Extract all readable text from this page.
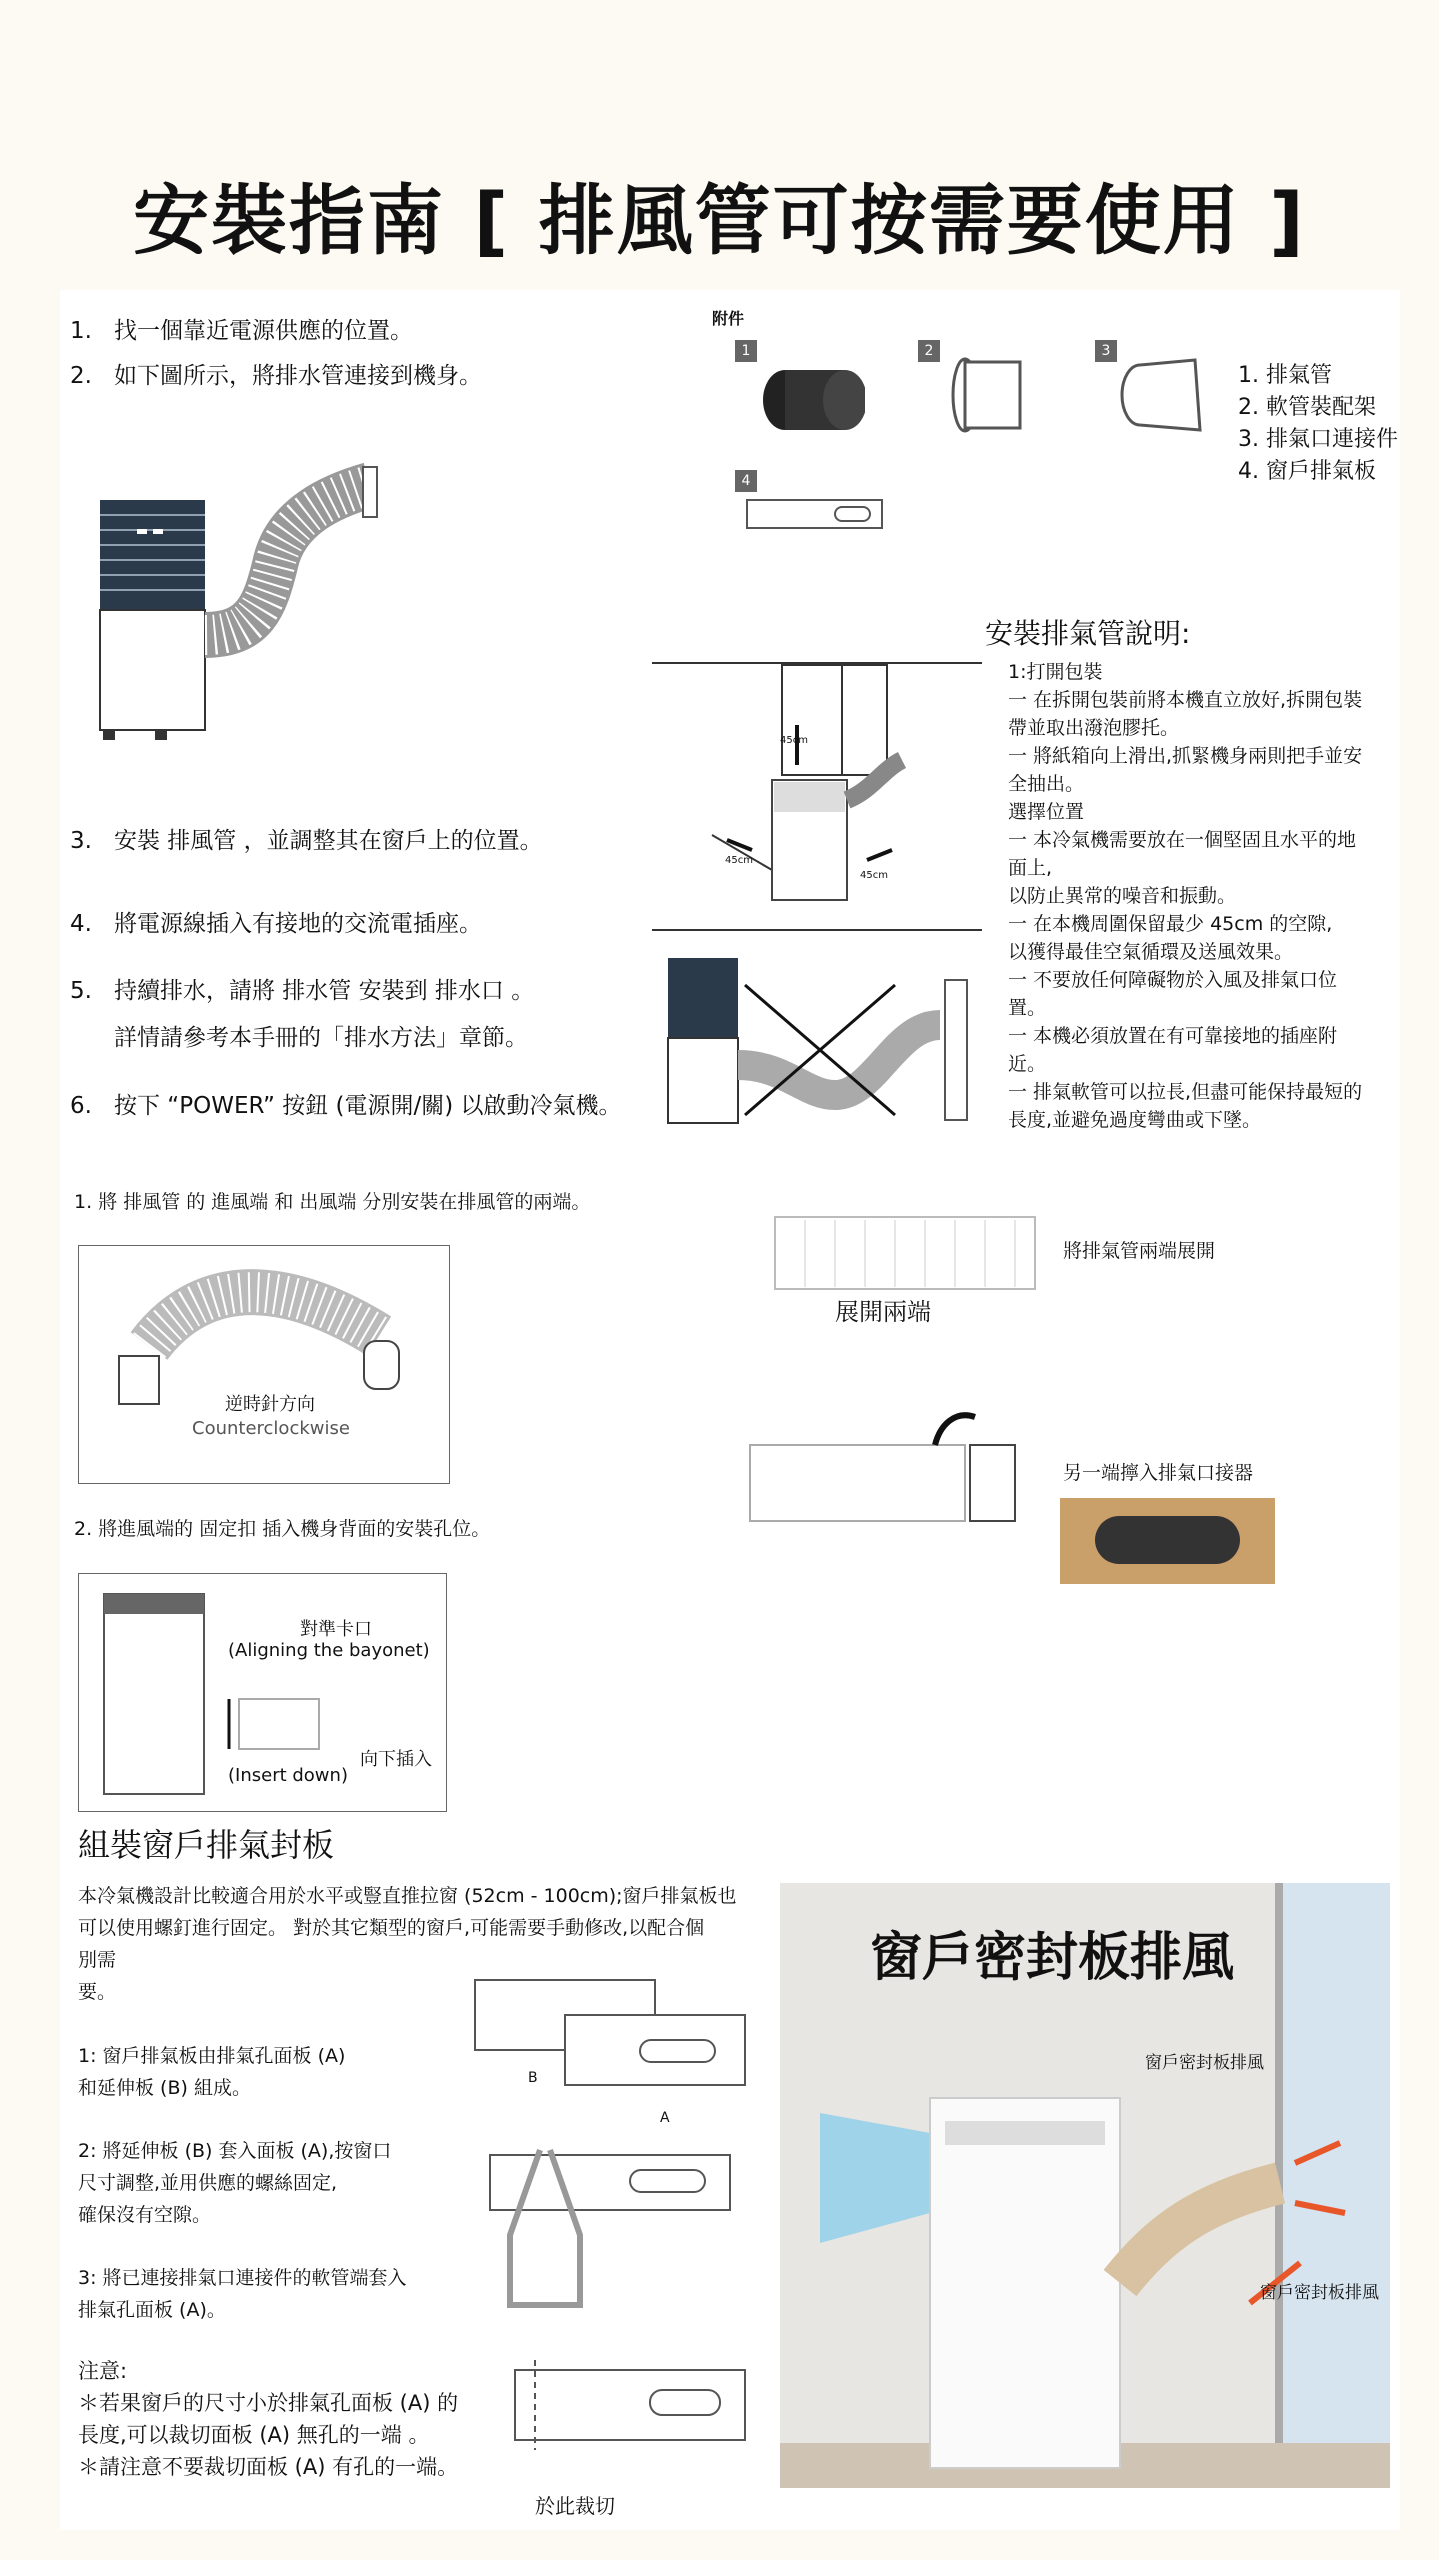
安裝指南 [ 排風管可按需要使用 ]
1. 找一個靠近電源供應的位置。
2. 如下圖所示，將排水管連接到機身。
3. 安裝 排風管 ，並調整其在窗戶上的位置。
4. 將電源線插入有接地的交流電插座。
5. 持續排水，請將 排水管 安裝到 排水口 。
詳情請參考本手冊的「排水方法」章節。
6. 按下 “POWER” 按鈕 (電源開/關) 以啟動冷氣機。
附件
1	2	3
4
1. 排氣管
2. 軟管裝配架
3. 排氣口連接件
4. 窗戶排氣板
安裝排氣管說明:
1:打開包裝
一 在拆開包裝前將本機直立放好,拆開包裝
帶並取出潑泡膠托。
一 將紙箱向上滑出,抓緊機身兩則把手並安
全抽出。
選擇位置
一 本冷氣機需要放在一個堅固且水平的地
面上,
以防止異常的噪音和振動。
一 在本機周圍保留最少 45cm 的空隙,
以獲得最佳空氣循環及送風效果。
一 不要放任何障礙物於入風及排氣口位
置。
一 本機必須放置在有可靠接地的插座附
近。
一 排氣軟管可以拉長,但盡可能保持最短的
長度,並避免過度彎曲或下墜。
45cm
45cm
45cm
1. 將 排風管 的 進風端 和 出風端 分別安裝在排風管的兩端。
逆時針方向
Counterclockwise
展開兩端
將排氣管兩端展開
另一端擰入排氣口接器
2. 將進風端的 固定扣 插入機身背面的安裝孔位。
對準卡口
(Aligning the bayonet)
向下插入
(Insert down)
組裝窗戶排氣封板
本冷氣機設計比較適合用於水平或豎直推拉窗 (52cm - 100cm);窗戶排氣板也
可以使用螺釘進行固定。 對於其它類型的窗戶,可能需要手動修改,以配合個
別需
要。
1: 窗戶排氣板由排氣孔面板 (A)
和延伸板 (B) 組成。
2: 將延伸板 (B) 套入面板 (A),按窗口
尺寸調整,並用供應的螺絲固定,
確保沒有空隙。
3: 將已連接排氣口連接件的軟管端套入
排氣孔面板 (A)。
注意:
＊若果窗戶的尺寸小於排氣孔面板 (A) 的
長度,可以裁切面板 (A) 無孔的一端 。
＊請注意不要裁切面板 (A) 有孔的一端。
B
A
於此裁切
窗戶密封板排風
窗戶密封板排風
窗戶密封板排風
